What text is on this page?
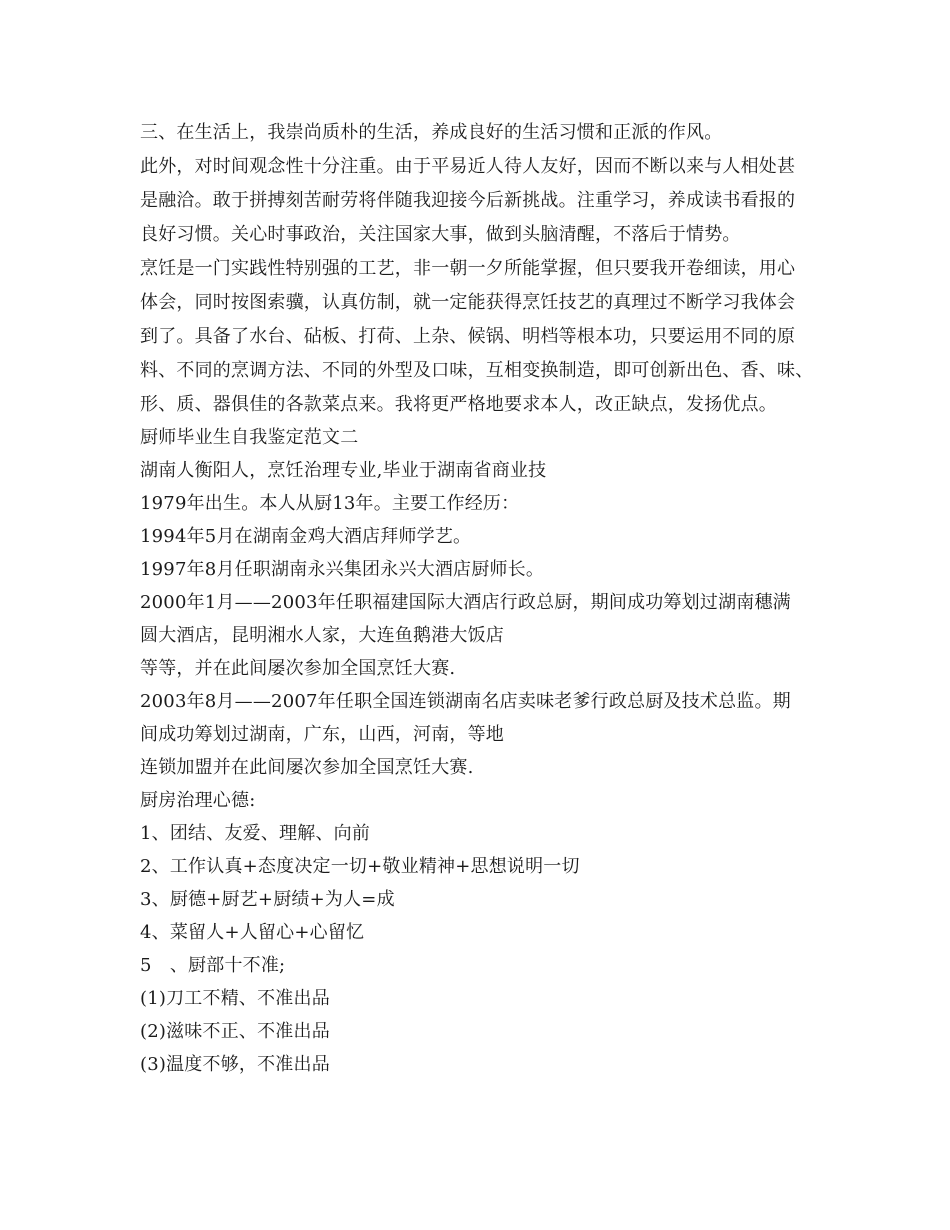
三、在生活上，我崇尚质朴的生活，养成良好的生活习惯和正派的作风。
此外，对时间观念性十分注重。由于平易近人待人友好，因而不断以来与人相处甚
是融洽。敢于拼搏刻苦耐劳将伴随我迎接今后新挑战。注重学习，养成读书看报的
良好习惯。关心时事政治，关注国家大事，做到头脑清醒，不落后于情势。
烹饪是一门实践性特别强的工艺，非一朝一夕所能掌握，但只要我开卷细读，用心
体会，同时按图索骥，认真仿制，就一定能获得烹饪技艺的真理过不断学习我体会
到了。具备了水台、砧板、打荷、上杂、候锅、明档等根本功，只要运用不同的原
料、不同的烹调方法、不同的外型及口味，互相变换制造，即可创新出色、香、味、
形、质、器俱佳的各款菜点来。我将更严格地要求本人，改正缺点，发扬优点。
厨师毕业生自我鉴定范文二
湖南人衡阳人，烹饪治理专业,毕业于湖南省商业技
1979年出生。本人从厨13年。主要工作经历：
1994年5月在湖南金鸡大酒店拜师学艺。
1997年8月任职湖南永兴集团永兴大酒店厨师长。
2000年1月——2003年任职福建国际大酒店行政总厨，期间成功筹划过湖南穗满
圆大酒店，昆明湘水人家，大连鱼鹅港大饭店
等等，并在此间屡次参加全国烹饪大赛.
2003年8月——2007年任职全国连锁湖南名店卖味老爹行政总厨及技术总监。期
间成功筹划过湖南，广东，山西，河南，等地
连锁加盟并在此间屡次参加全国烹饪大赛.
厨房治理心德:
1、团结、友爱、理解、向前
2、工作认真+态度决定一切+敬业精神+思想说明一切
3、厨德+厨艺+厨绩+为人=成
4、菜留人+人留心+心留忆
5　、厨部十不准;
(1)刀工不精、不准出品
(2)滋味不正、不准出品
(3)温度不够，不准出品
